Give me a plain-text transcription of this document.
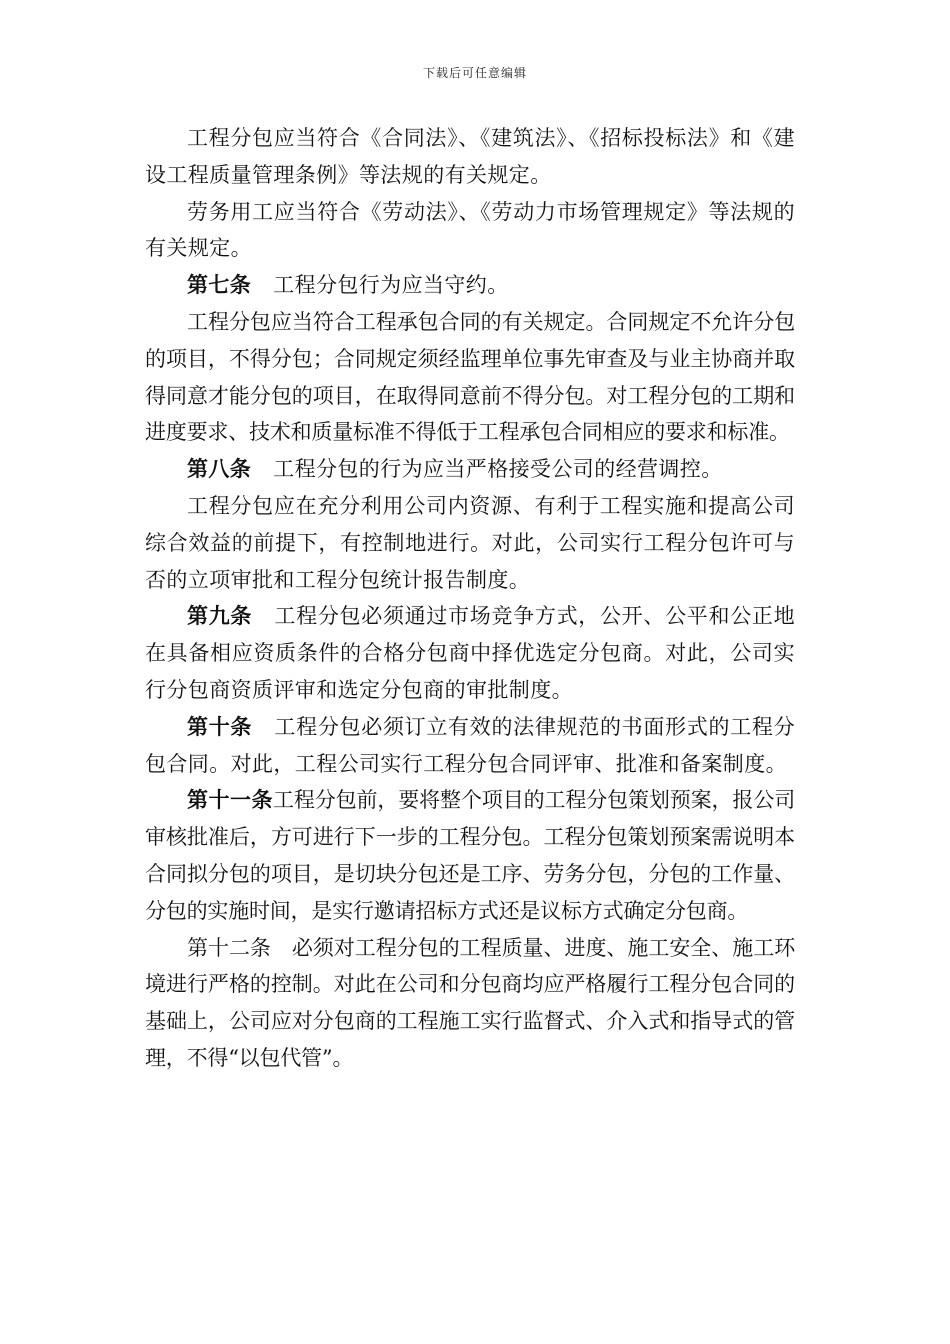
下载后可任意编辑

工程分包应当符合《合同法》、《建筑法》、《招标投标法》和《建设工程质量管理条例》等法规的有关规定。

劳务用工应当符合《劳动法》、《劳动力市场管理规定》等法规的有关规定。

第七条 工程分包行为应当守约。

工程分包应当符合工程承包合同的有关规定。合同规定不允许分包的项目，不得分包；合同规定须经监理单位事先审查及与业主协商并取得同意才能分包的项目，在取得同意前不得分包。对工程分包的工期和进度要求、技术和质量标准不得低于工程承包合同相应的要求和标准。

第八条 工程分包的行为应当严格接受公司的经营调控。

工程分包应在充分利用公司内资源、有利于工程实施和提高公司综合效益的前提下，有控制地进行。对此，公司实行工程分包许可与否的立项审批和工程分包统计报告制度。

第九条 工程分包必须通过市场竞争方式，公开、公平和公正地在具备相应资质条件的合格分包商中择优选定分包商。对此，公司实行分包商资质评审和选定分包商的审批制度。

第十条 工程分包必须订立有效的法律规范的书面形式的工程分包合同。对此，工程公司实行工程分包合同评审、批准和备案制度。

第十一条工程分包前，要将整个项目的工程分包策划预案，报公司审核批准后，方可进行下一步的工程分包。工程分包策划预案需说明本合同拟分包的项目，是切块分包还是工序、劳务分包，分包的工作量、分包的实施时间，是实行邀请招标方式还是议标方式确定分包商。

第十二条　必须对工程分包的工程质量、进度、施工安全、施工环境进行严格的控制。对此在公司和分包商均应严格履行工程分包合同的基础上，公司应对分包商的工程施工实行监督式、介入式和指导式的管理，不得“以包代管”。
